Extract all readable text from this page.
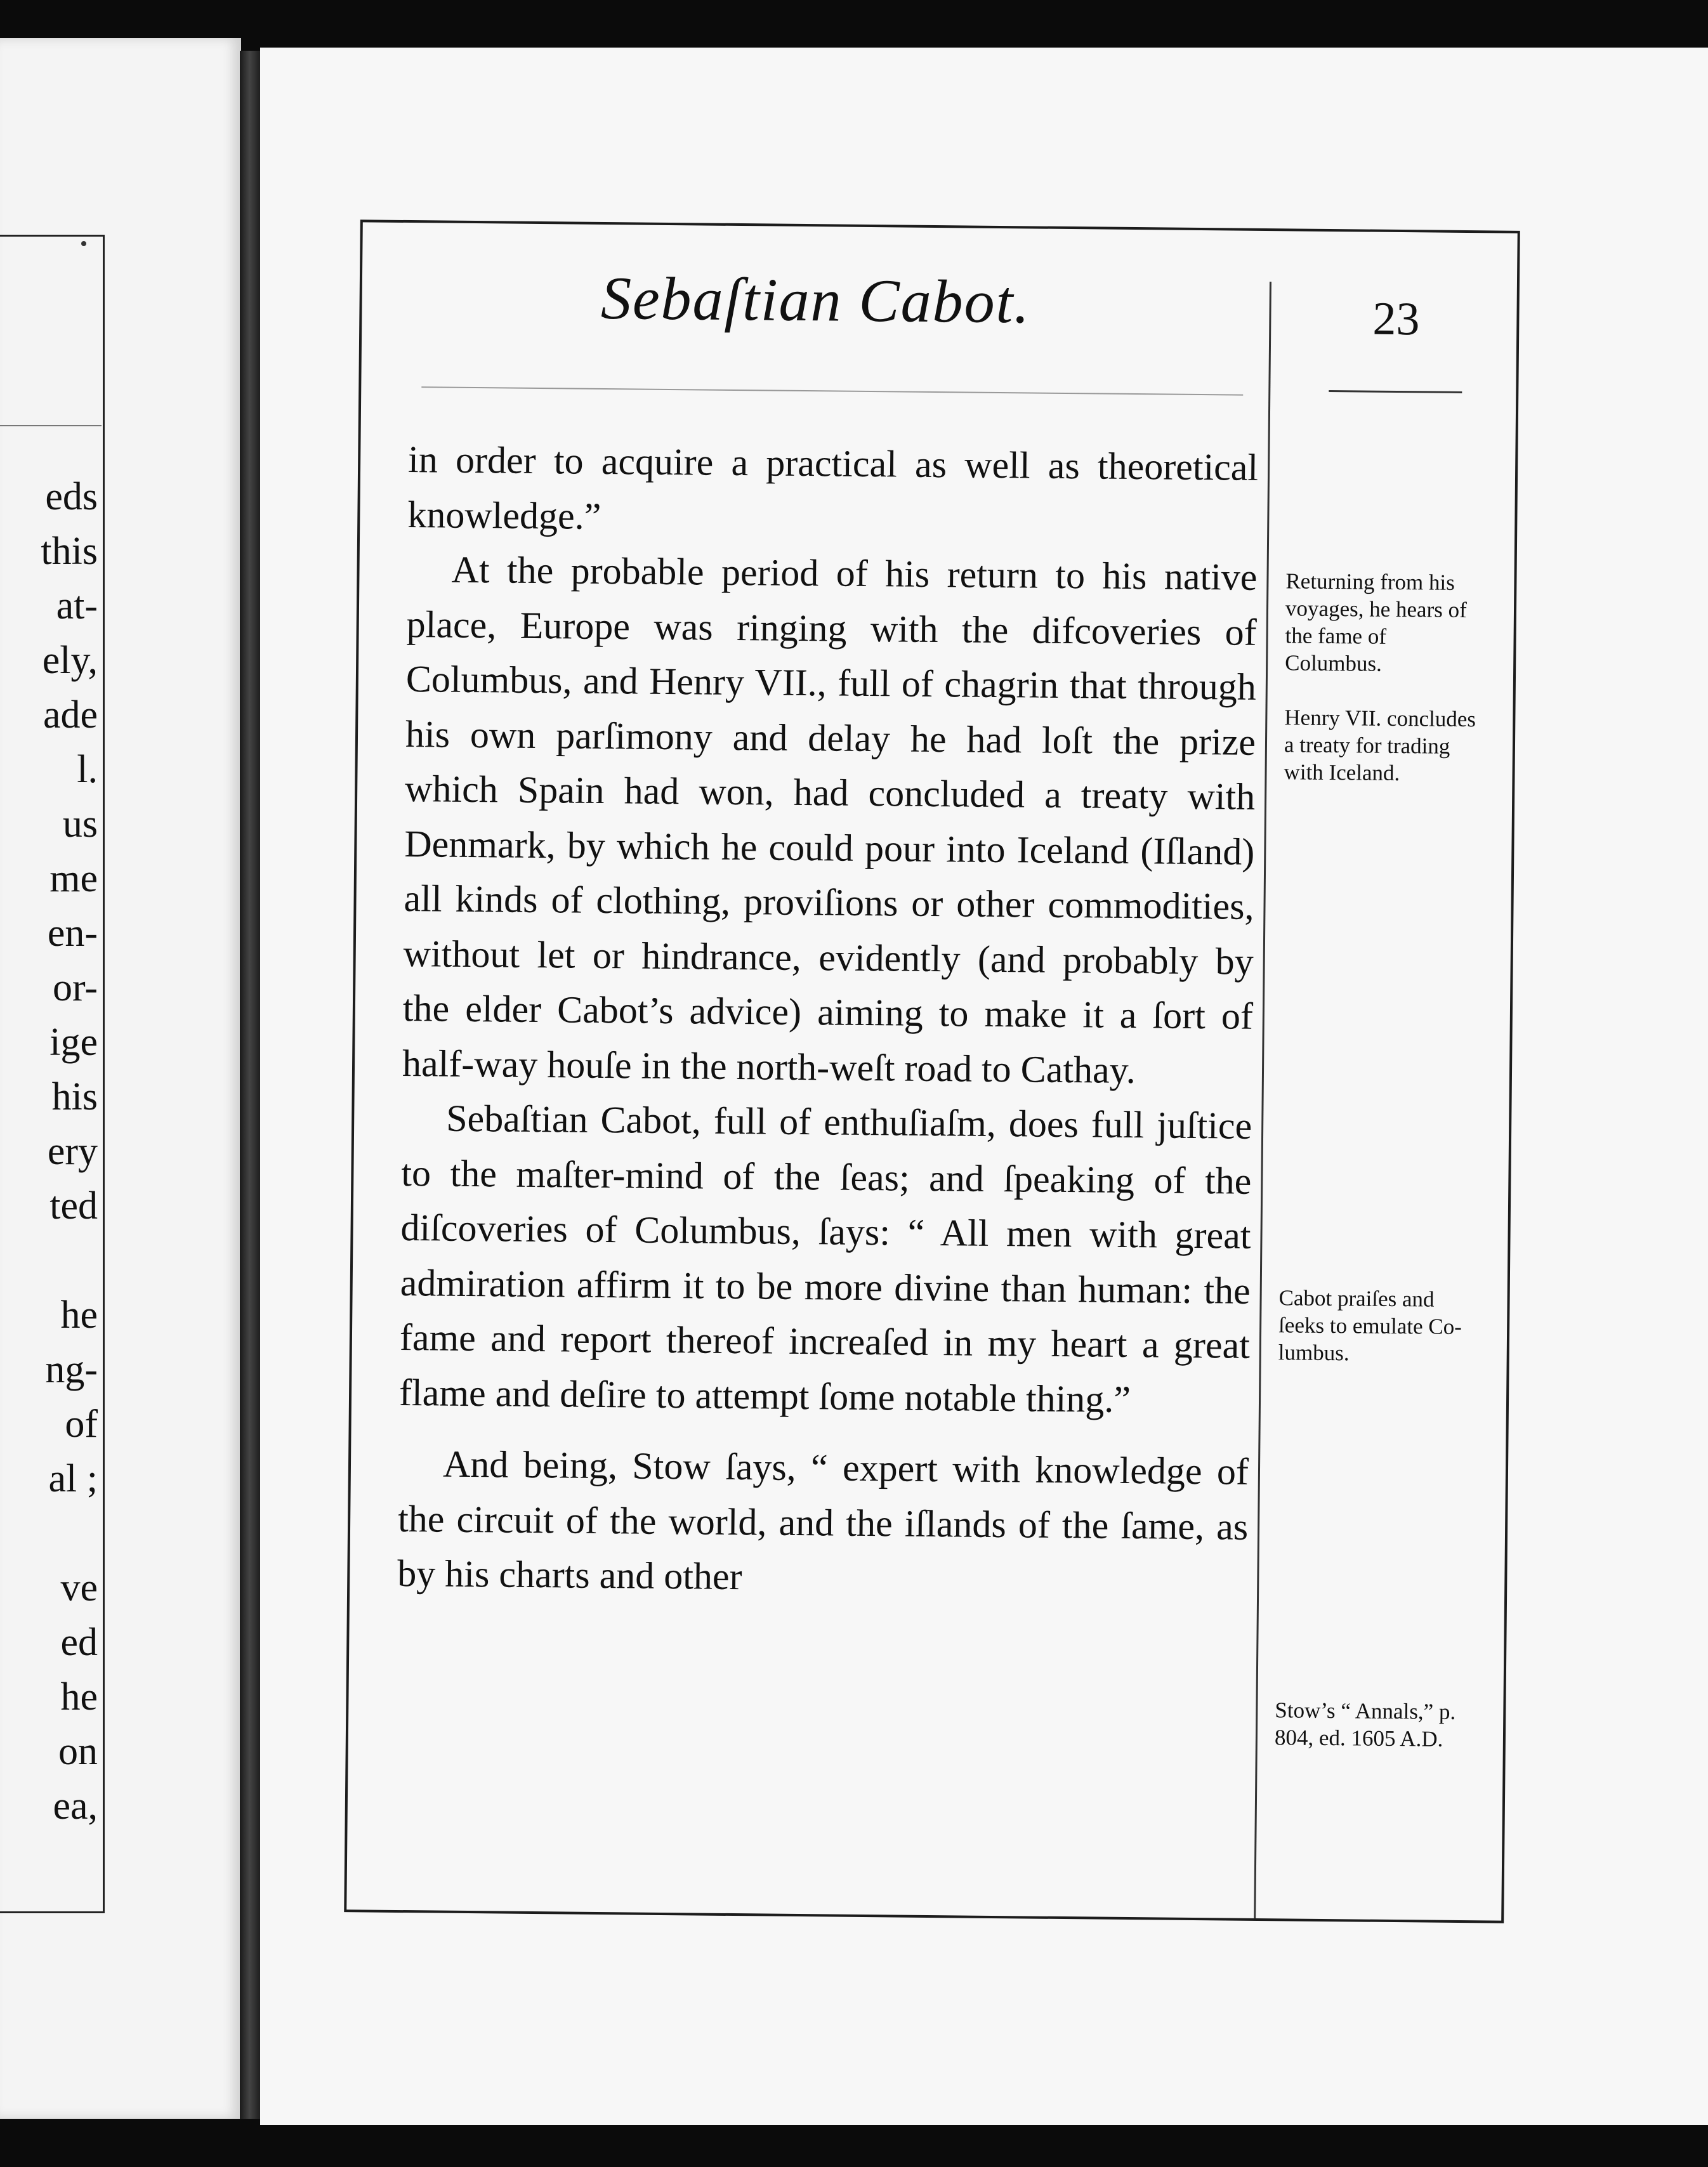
eds
this
at-
ely,
ade
l.
us
me
en-
or-
ige
his
ery
ted

he
ng-
of
al ;

ve
ed
he
on
ea,
Sebaſtian Cabot.	23

in order to acquire a practical as well as theoretical knowledge.”

At the probable period of his return to his native place, Europe was ringing with the difcoveries of Columbus, and Henry VII., full of chagrin that through his own parſimony and delay he had loſt the prize which Spain had won, had concluded a treaty with Denmark, by which he could pour into Iceland (Iſland) all kinds of clothing, proviſions or other commodities, without let or hindrance, evidently (and probably by the elder Cabot’s advice) aiming to make it a ſort of half-way houſe in the north-weſt road to Cathay.

Sebaſtian Cabot, full of enthuſiaſm, does full juſtice to the maſter-mind of the ſeas; and ſpeaking of the diſcoveries of Columbus, ſays: “ All men with great admiration affirm it to be more divine than human: the fame and report thereof increaſed in my heart a great flame and deſire to attempt ſome notable thing.”

And being, Stow ſays, “ expert with knowledge of the circuit of the world, and the iſlands of the ſame, as by his charts and other

Returning from his voyages, he hears of the fame of Columbus.
Henry VII. concludes a treaty for trading with Iceland.
Cabot praiſes and ſeeks to emulate Columbus.
Stow’s “ Annals,” p. 804, ed. 1605 A.D.
